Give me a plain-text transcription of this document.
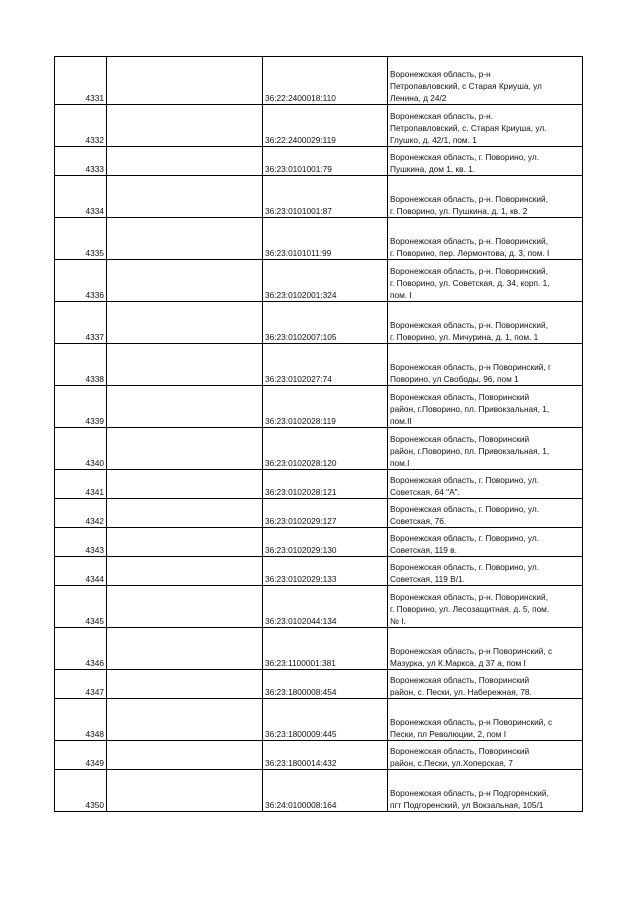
4331		36:22:2400018:110	Воронежская область, р-н
Петропавловский, с Старая Криуша, ул
Ленина, д 24/2
4332		36:22:2400029:119	Воронежская область, р-н.
Петропавловский, с. Старая Криуша, ул.
Глушко, д. 42/1, пом. 1
4333		36:23:0101001:79	Воронежская область, г. Поворино, ул.
Пушкина, дом 1, кв. 1.
4334		36:23:0101001:87	Воронежская область, р-н. Поворинский,
г. Поворино, ул. Пушкина, д. 1, кв. 2
4335		36:23:0101011:99	Воронежская область, р-н. Поворинский,
г. Поворино, пер. Лермонтова, д. 3, пом. I
4336		36:23:0102001:324	Воронежская область, р-н. Поворинский,
г. Поворино, ул. Советская, д. 34, корп. 1,
пом. I
4337		36:23:0102007:105	Воронежская область, р-н. Поворинский,
г. Поворино, ул. Мичурина, д. 1, пом. 1
4338		36:23:0102027:74	Воронежская область, р-н Поворинский, г
Поворино, ул Свободы, 96, пом 1
4339		36:23:0102028:119	Воронежская область, Поворинский
район, г.Поворино, пл. Привокзальная, 1,
пом.II
4340		36:23:0102028:120	Воронежская область, Поворинский
район, г.Поворино, пл. Привокзальная, 1,
пом.I
4341		36:23:0102028:121	Воронежская область, г. Поворино, ул.
Советская, 64 "А".
4342		36:23:0102029:127	Воронежская область, г. Поворино, ул.
Советская, 76.
4343		36:23:0102029:130	Воронежская область, г. Поворино, ул.
Советская, 119 в.
4344		36:23:0102029:133	Воронежская область, г. Поворино, ул.
Советская, 119 В/1.
4345		36:23:0102044:134	Воронежская область, р-н. Поворинский,
г. Поворино, ул. Лесозащитная, д. 5, пом.
№ I.
4346		36:23:1100001:381	Воронежская область, р-н Поворинский, с
Мазурка, ул К.Маркса, д 37 а, пом I
4347		36:23:1800008:454	Воронежская область, Поворинский
район, с. Пески, ул. Набережная, 78.
4348		36:23:1800009:445	Воронежская область, р-н Поворинский, с
Пески, пл Революции, 2, пом I
4349		36:23:1800014:432	Воронежская область, Поворинский
район, с.Пески, ул.Хоперская, 7
4350		36:24:0100008:164	Воронежская область, р-н Подгоренский,
пгт Подгоренский, ул Вокзальная, 105/1
